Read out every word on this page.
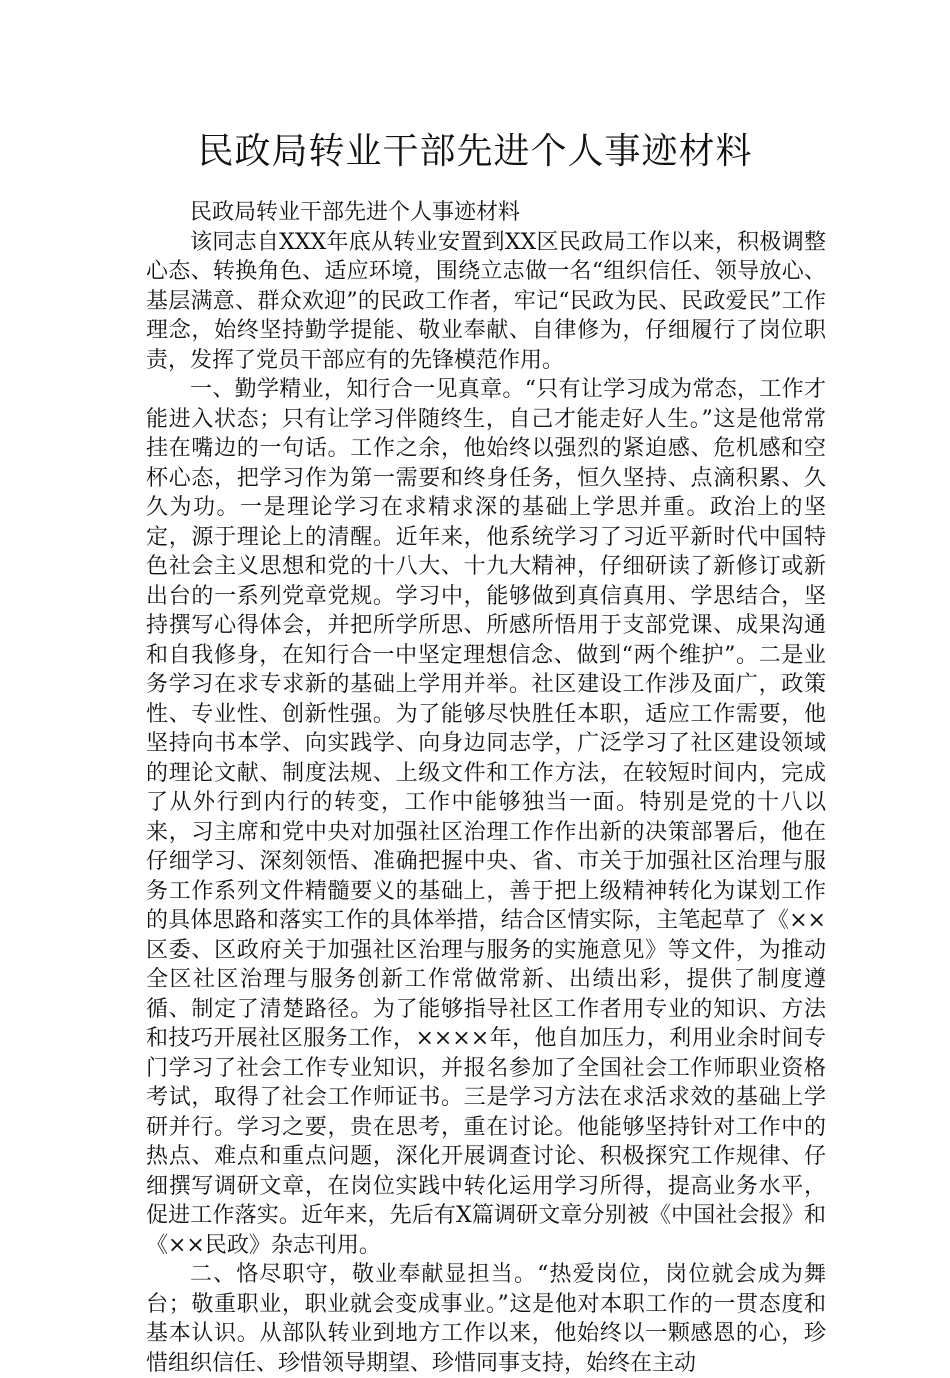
民政局转业干部先进个人事迹材料

民政局转业干部先进个人事迹材料

该同志自XXX年底从转业安置到XX区民政局工作以来，积极调整心态、转换角色、适应环境，围绕立志做一名“组织信任、领导放心、基层满意、群众欢迎”的民政工作者，牢记“民政为民、民政爱民”工作理念，始终坚持勤学提能、敬业奉献、自律修为，仔细履行了岗位职责，发挥了党员干部应有的先锋模范作用。

一、勤学精业，知行合一见真章。“只有让学习成为常态，工作才能进入状态；只有让学习伴随终生，自己才能走好人生。”这是他常常挂在嘴边的一句话。工作之余，他始终以强烈的紧迫感、危机感和空杯心态，把学习作为第一需要和终身任务，恒久坚持、点滴积累、久久为功。一是理论学习在求精求深的基础上学思并重。政治上的坚定，源于理论上的清醒。近年来，他系统学习了习近平新时代中国特色社会主义思想和党的十八大、十九大精神，仔细研读了新修订或新出台的一系列党章党规。学习中，能够做到真信真用、学思结合，坚持撰写心得体会，并把所学所思、所感所悟用于支部党课、成果沟通和自我修身，在知行合一中坚定理想信念、做到“两个维护”。二是业务学习在求专求新的基础上学用并举。社区建设工作涉及面广，政策性、专业性、创新性强。为了能够尽快胜任本职，适应工作需要，他坚持向书本学、向实践学、向身边同志学，广泛学习了社区建设领域的理论文献、制度法规、上级文件和工作方法，在较短时间内，完成了从外行到内行的转变，工作中能够独当一面。特别是党的十八以来，习主席和党中央对加强社区治理工作作出新的决策部署后，他在仔细学习、深刻领悟、准确把握中央、省、市关于加强社区治理与服务工作系列文件精髓要义的基础上，善于把上级精神转化为谋划工作的具体思路和落实工作的具体举措，结合区情实际，主笔起草了《××区委、区政府关于加强社区治理与服务的实施意见》等文件，为推动全区社区治理与服务创新工作常做常新、出绩出彩，提供了制度遵循、制定了清楚路径。为了能够指导社区工作者用专业的知识、方法和技巧开展社区服务工作，××××年，他自加压力，利用业余时间专门学习了社会工作专业知识，并报名参加了全国社会工作师职业资格考试，取得了社会工作师证书。三是学习方法在求活求效的基础上学研并行。学习之要，贵在思考，重在讨论。他能够坚持针对工作中的热点、难点和重点问题，深化开展调查讨论、积极探究工作规律、仔细撰写调研文章，在岗位实践中转化运用学习所得，提高业务水平，促进工作落实。近年来，先后有X篇调研文章分别被《中国社会报》和《××民政》杂志刊用。

二、恪尽职守，敬业奉献显担当。“热爱岗位，岗位就会成为舞台；敬重职业，职业就会变成事业。”这是他对本职工作的一贯态度和基本认识。从部队转业到地方工作以来，他始终以一颗感恩的心，珍惜组织信任、珍惜领导期望、珍惜同事支持，始终在主动
